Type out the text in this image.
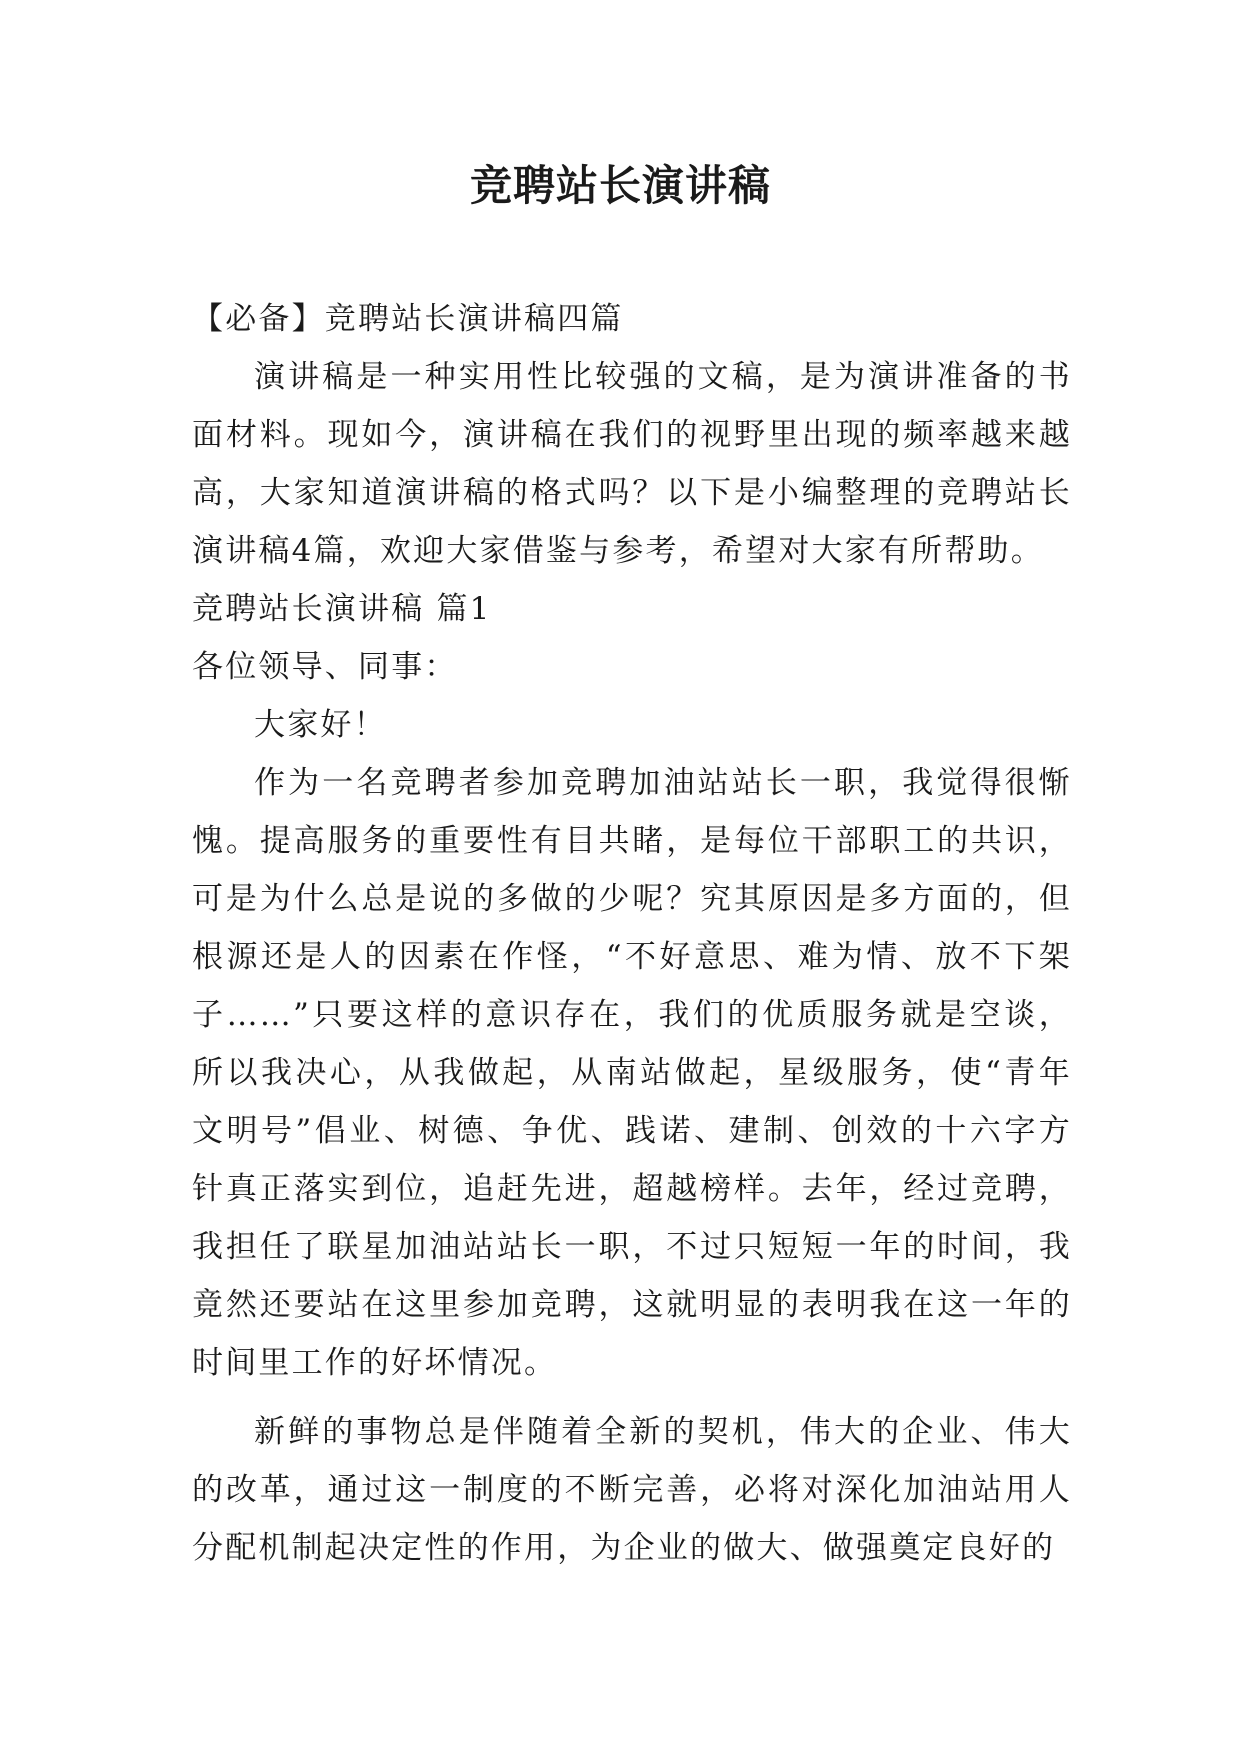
竞聘站长演讲稿

【必备】竞聘站长演讲稿四篇

演讲稿是一种实用性比较强的文稿，是为演讲准备的书面材料。现如今，演讲稿在我们的视野里出现的频率越来越高，大家知道演讲稿的格式吗？以下是小编整理的竞聘站长演讲稿4篇，欢迎大家借鉴与参考，希望对大家有所帮助。

竞聘站长演讲稿 篇1

各位领导、同事：

大家好！

作为一名竞聘者参加竞聘加油站站长一职，我觉得很惭愧。提高服务的重要性有目共睹，是每位干部职工的共识，可是为什么总是说的多做的少呢？究其原因是多方面的，但根源还是人的因素在作怪，“不好意思、难为情、放不下架子……”只要这样的意识存在，我们的优质服务就是空谈，所以我决心，从我做起，从南站做起，星级服务，使“青年文明号”倡业、树德、争优、践诺、建制、创效的十六字方针真正落实到位，追赶先进，超越榜样。去年，经过竞聘，我担任了联星加油站站长一职，不过只短短一年的时间，我竟然还要站在这里参加竞聘，这就明显的表明我在这一年的时间里工作的好坏情况。

新鲜的事物总是伴随着全新的契机，伟大的企业、伟大的改革，通过这一制度的不断完善，必将对深化加油站用人分配机制起决定性的作用，为企业的做大、做强奠定良好的
